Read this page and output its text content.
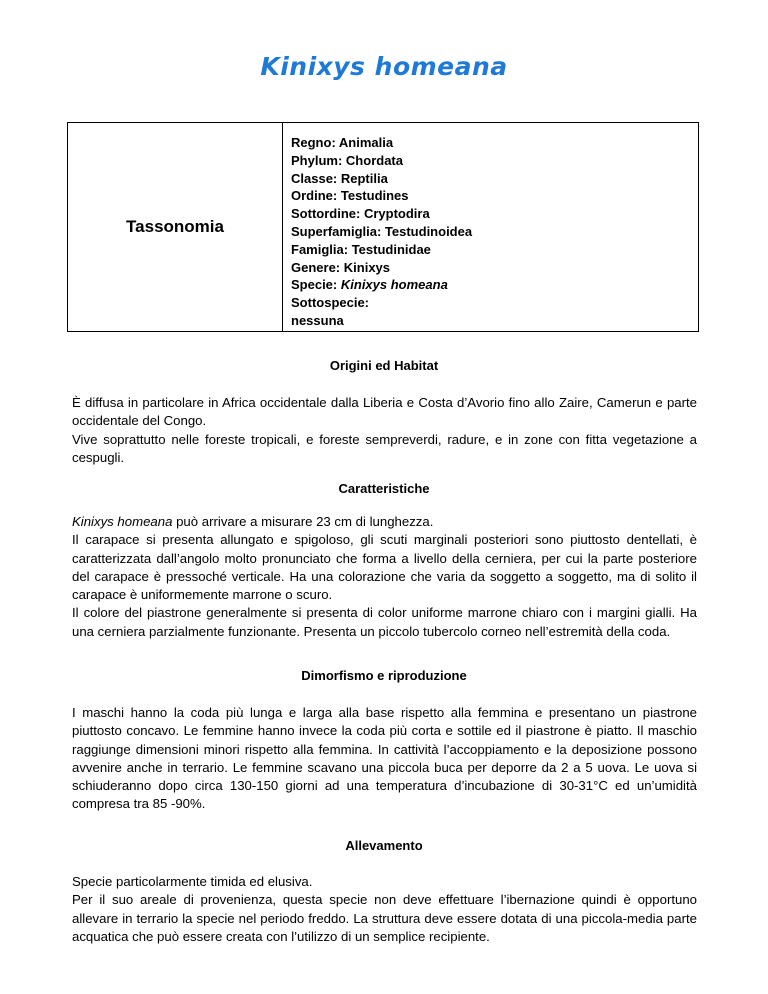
Kinixys homeana
Tassonomia
Regno: Animalia
Phylum: Chordata
Classe: Reptilia
Ordine: Testudines
Sottordine: Cryptodira
Superfamiglia: Testudinoidea
Famiglia: Testudinidae
Genere: Kinixys
Specie: Kinixys homeana
Sottospecie:
nessuna
Origini ed Habitat

È diffusa in particolare in Africa occidentale dalla Liberia e Costa d’Avorio fino allo Zaire, Camerun e parte occidentale del Congo.

Vive soprattutto nelle foreste tropicali, e foreste sempreverdi, radure, e in zone con fitta vegetazione a cespugli.

Caratteristiche

Kinixys homeana può arrivare a misurare 23 cm di lunghezza.

Il carapace si presenta allungato e spigoloso, gli scuti marginali posteriori sono piuttosto dentellati, è caratterizzata dall’angolo molto pronunciato che forma a livello della cerniera, per cui la parte posteriore del carapace è pressoché verticale. Ha una colorazione che varia da soggetto a soggetto, ma di solito il carapace è uniformemente marrone o scuro.

Il colore del piastrone generalmente si presenta di color uniforme marrone chiaro con i margini gialli. Ha una cerniera parzialmente funzionante. Presenta un piccolo tubercolo corneo nell’estremità della coda.

Dimorfismo e riproduzione

I maschi hanno la coda più lunga e larga alla base rispetto alla femmina e presentano un piastrone piuttosto concavo. Le femmine hanno invece la coda più corta e sottile ed il piastrone è piatto. Il maschio raggiunge dimensioni minori rispetto alla femmina. In cattività l’accoppiamento e la deposizione possono avvenire anche in terrario. Le femmine scavano una piccola buca per deporre da 2 a 5 uova. Le uova si schiuderanno dopo circa 130-150 giorni ad una temperatura d’incubazione di 30-31°C ed un’umidità compresa tra 85 -90%.

Allevamento

Specie particolarmente timida ed elusiva.

Per il suo areale di provenienza, questa specie non deve effettuare l’ibernazione quindi è opportuno allevare in terrario la specie nel periodo freddo. La struttura deve essere dotata di una piccola-media parte acquatica che può essere creata con l’utilizzo di un semplice recipiente.
